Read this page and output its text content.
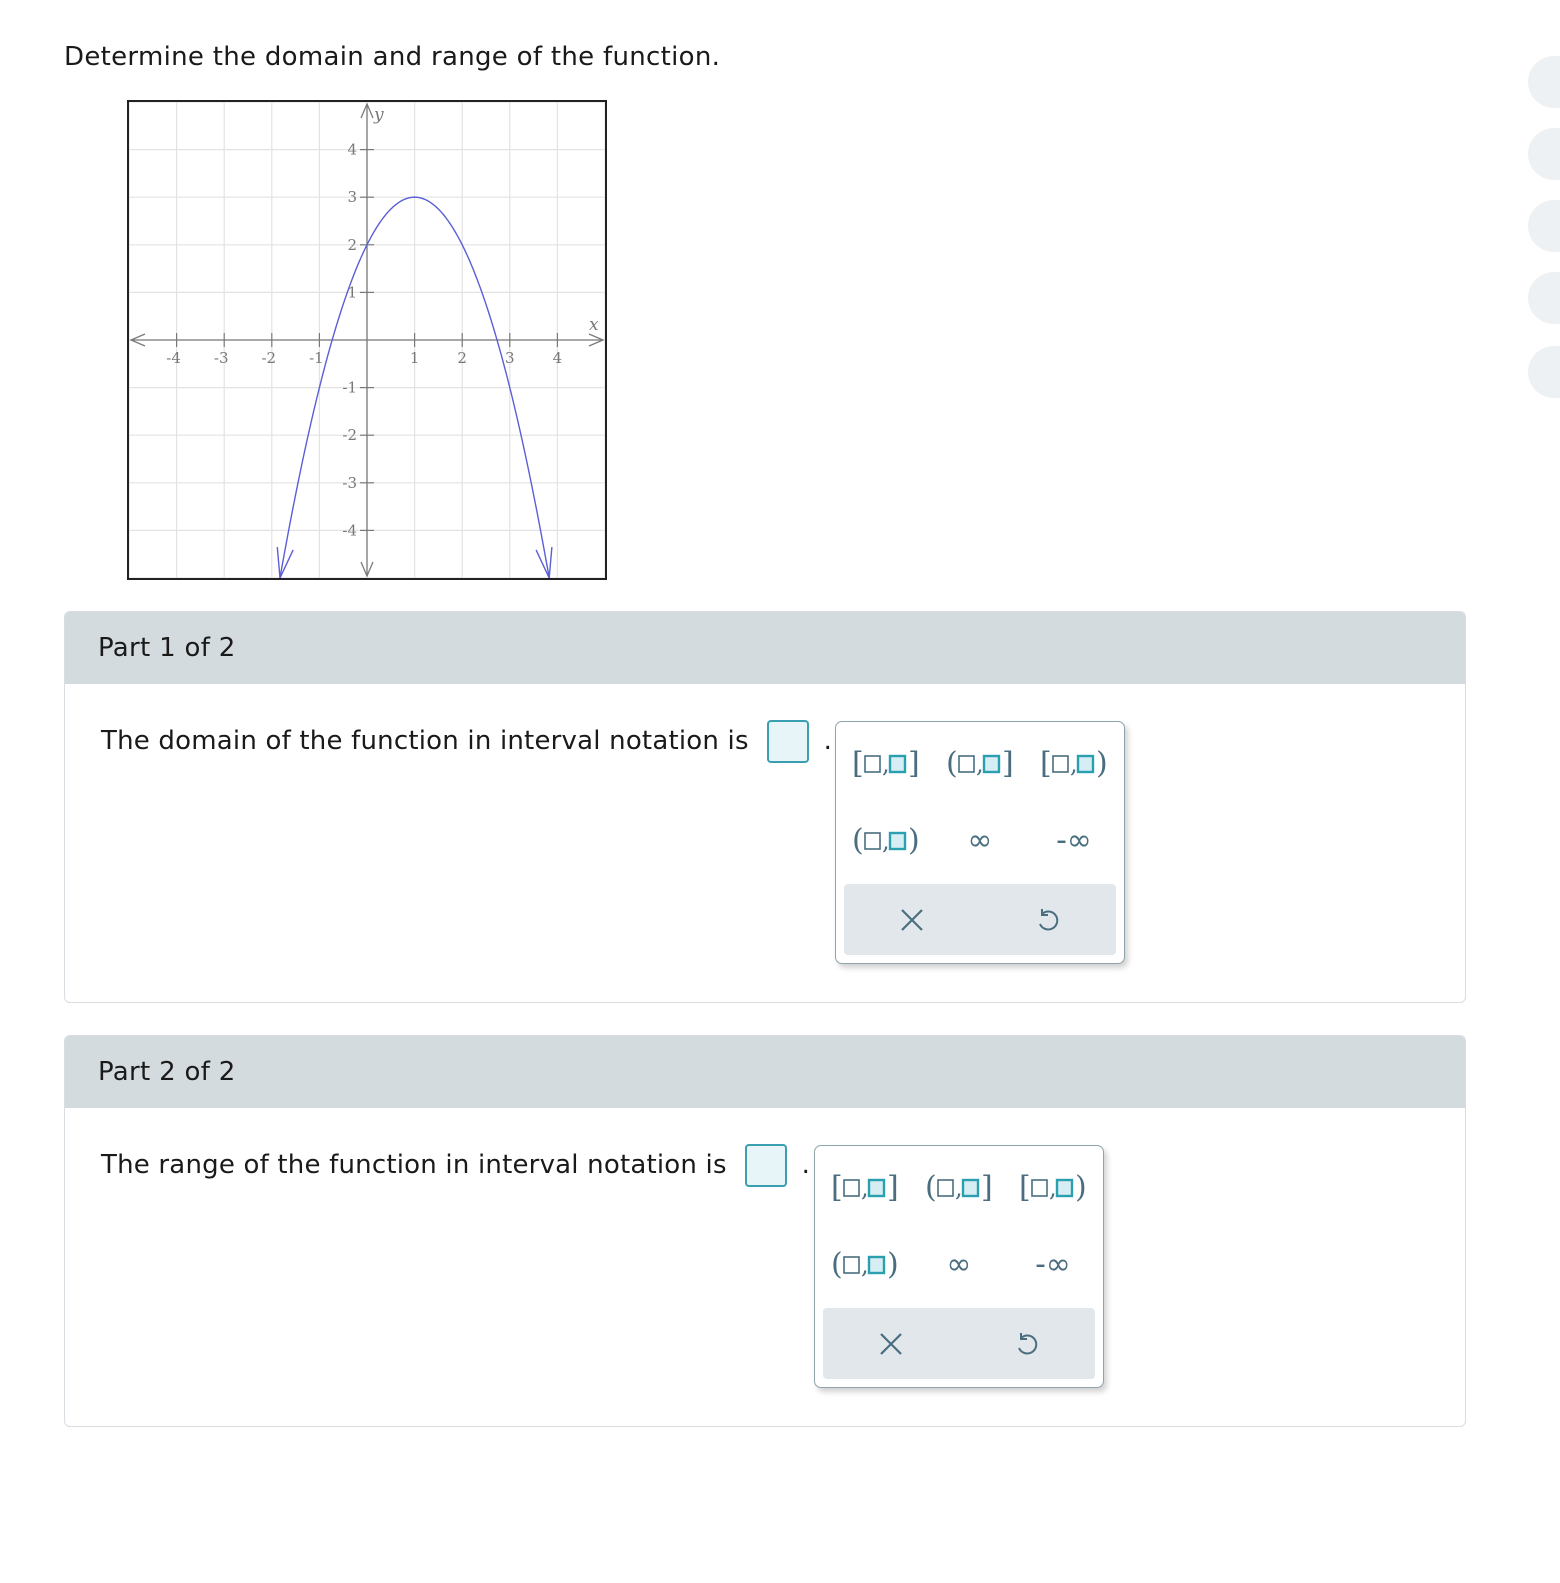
Determine the domain and range of the function.
-4 -3 -2 -1	1	2	3	4
4
3
2
1
-1
-2
-3
-4
x
y
Part 1 of 2
The domain of the function in interval notation is	.
[ , ] ( , ] [ , )
( , ) ∞ -∞
Part 2 of 2
The range of the function in interval notation is	.
[ , ] ( , ] [ , )
( , ) ∞ -∞
